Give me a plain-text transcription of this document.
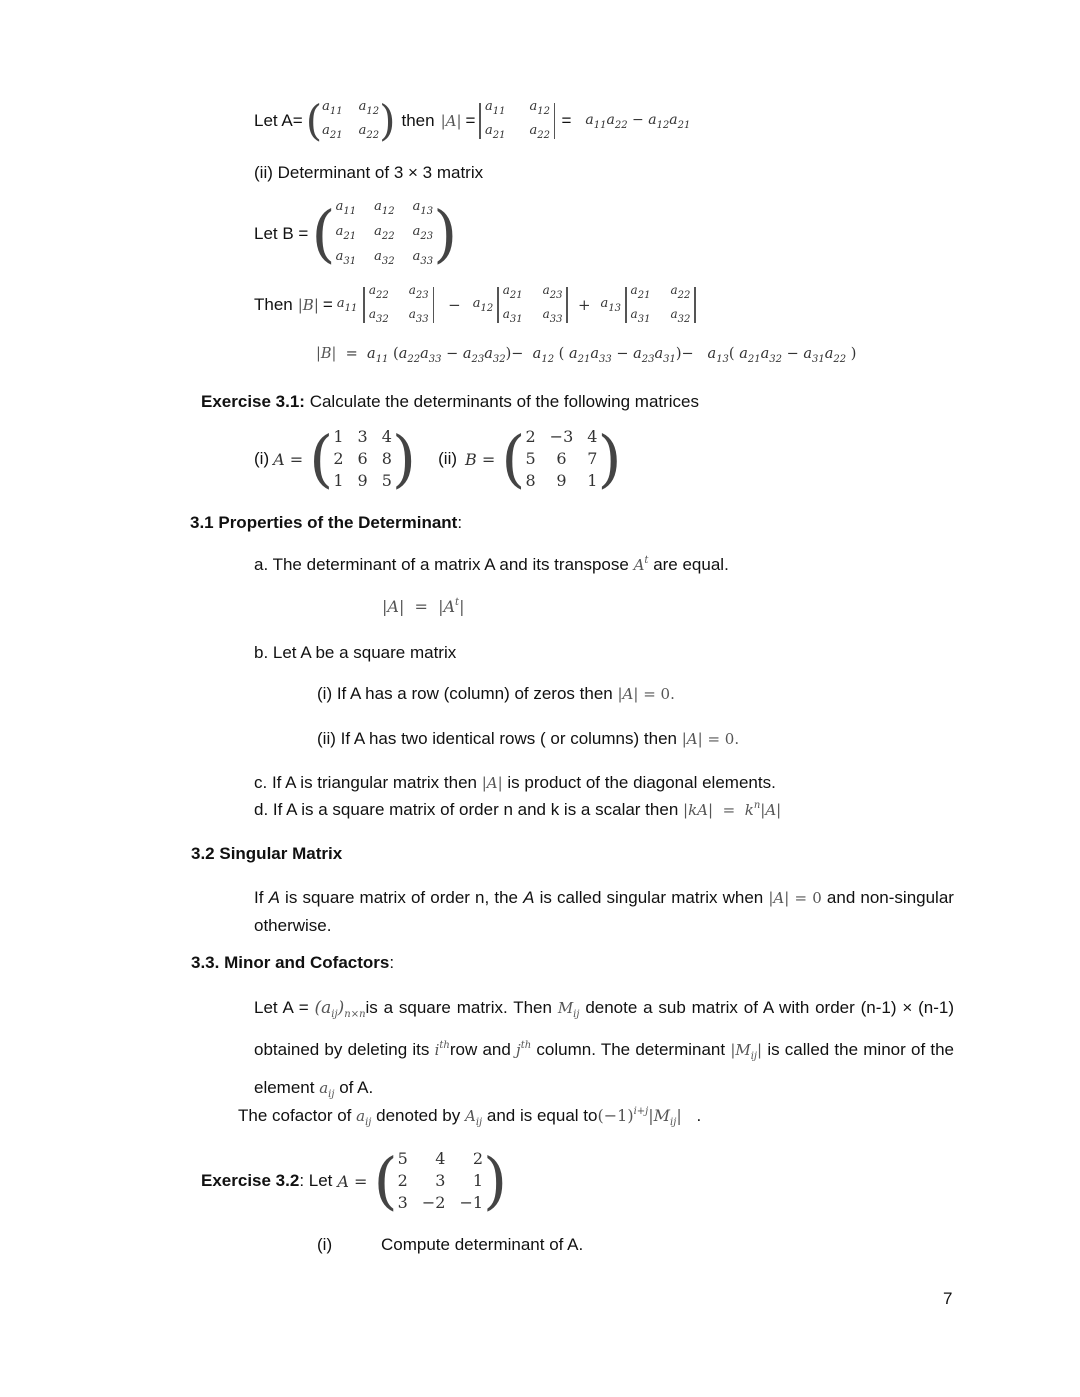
Let A= ( $a_{11}$ $a_{12}$
$a_{21}$ $a_{22}$ ) then |A| =
$a_{11}$ $a_{12}$
$a_{21}$ $a_{22}$
= $a_{11}a_{22} - a_{12}a_{21}$
(ii) Determinant of 3 × 3 matrix
Let B = ( $a_{11}$ $a_{12}$ $a_{13}$
$a_{21}$ $a_{22}$ $a_{23}$
$a_{31}$ $a_{32}$ $a_{33}$ )
Then $|B| = a_{11}$
$a_{22}$ $a_{23}$
$a_{32}$ $a_{33}$
− $a_{12}$
$a_{21}$ $a_{23}$
$a_{31}$ $a_{33}$
+ $a_{13}$
$a_{21}$ $a_{22}$
$a_{31}$ $a_{32}$
$|B| = a_{11}$ $(a_{22}a_{33} - a_{23}a_{32})- a_{12}$ ( $a_{21}a_{33} - a_{23}a_{31})- a_{13}$( $a_{21}a_{32} - a_{31}a_{22}$ )
Exercise 3.1: Calculate the determinants of the following matrices
(i) A = ( 1 3 4
2 6 8
1 9 5 ) (ii) B = ( 2 −3 4
5	6	7
8	9	1 )
3.1 Properties of the Determinant:
a. The determinant of a matrix A and its transpose $A^t$ are equal.
$|A| = |A^t|$
b. Let A be a square matrix
(i) If A has a row (column) of zeros then |A| = 0.
(ii) If A has two identical rows ( or columns) then |A| = 0.
c. If A is triangular matrix then |A| is product of the diagonal elements.
d. If A is a square matrix of order n and k is a scalar then $|kA| = k^n|A|$
3.2 Singular Matrix
If A is square matrix of order n, the A is called singular matrix when |A| = 0 and non-singular otherwise.
3.3. Minor and Cofactors:
Let $A = (a_{ij})_{n\times n}is$ a square matrix. Then $M_{ij}$ denote a sub matrix of A with order (n-1) × (n-1) obtained by deleting its $i^{th}row$ and $j^{th}$ column. The determinant $|M_{ij}|$ is called the minor of the element $a_{ij}$ of A.
The cofactor of $a_{ij}$ denoted by $A_{ij}$ and is equal $to(-1)^{i+j}|M_{ij}|$ .
Exercise 3.2 : Let A = ( 5	4	2
2	3	1
3 −2 −1 )
(i)	Compute determinant of A.
7
